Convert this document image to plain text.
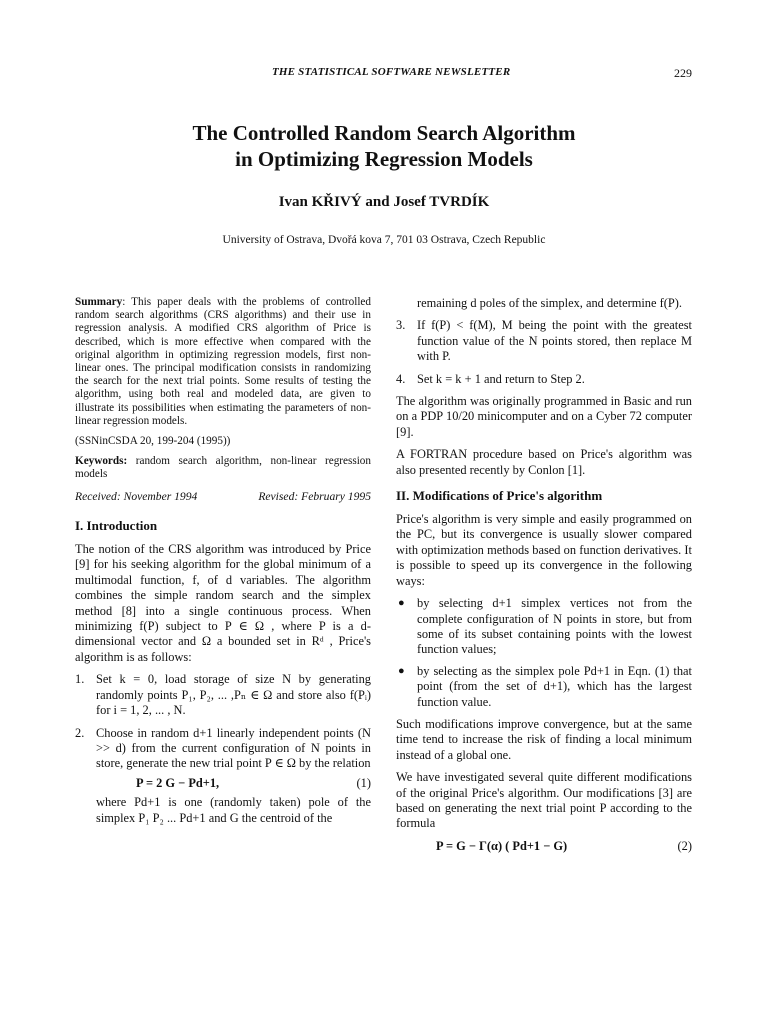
THE STATISTICAL SOFTWARE NEWSLETTER	229
The Controlled Random Search Algorithm
in Optimizing Regression Models
Ivan KŘIVÝ and Josef TVRDÍK
University of Ostrava, Dvořá kova 7, 701 03 Ostrava, Czech Republic

Summary: This paper deals with the problems of controlled random search algorithms (CRS algorithms) and their use in regression analysis. A modified CRS algorithm of Price is described, which is more effective when compared with the original algorithm in optimizing regression models, first non-linear ones. The principal modification consists in randomizing the search for the next trial points. Some results of testing the algorithm, using both real and modeled data, are given to illustrate its possibilities when estimating the parameters of non-linear regression models.

(SSNinCSDA 20, 199-204 (1995))

Keywords: random search algorithm, non-linear regression models

Received: November 1994	Revised: February 1995
I. Introduction

The notion of the CRS algorithm was introduced by Price [9] for his seeking algorithm for the global minimum of a multimodal function, f, of d variables. The algorithm combines the simple random search and the simplex method [8] into a single continuous process. When minimizing f(P) subject to P ∈ Ω , where P is a d-dimensional vector and Ω a bounded set in Rᵈ , Price's algorithm is as follows:

1. Set k = 0, load storage of size N by generating randomly points P₁, P₂, ... ,Pₙ ∈ Ω and store also f(Pᵢ) for i = 1, 2, ... , N.
2. Choose in random d+1 linearly independent points (N >> d) from the current configuration of N points in store, generate the new trial point P ∈ Ω by the relation
P = 2 G − Pd+1,	(1)
where Pd+1 is one (randomly taken) pole of the simplex P₁ P₂ ... Pd+1 and G the centroid of the

remaining d poles of the simplex, and determine f(P).

3. If f(P) < f(M), M being the point with the greatest function value of the N points stored, then replace M with P.
4. Set k = k + 1 and return to Step 2.

The algorithm was originally programmed in Basic and run on a PDP 10/20 minicomputer and on a Cyber 72 computer [9].

A FORTRAN procedure based on Price's algorithm was also presented recently by Conlon [1].

II. Modifications of Price's algorithm

Price's algorithm is very simple and easily programmed on the PC, but its convergence is usually slower compared with optimization methods based on function derivatives. It is possible to speed up its convergence in the following ways:

● by selecting d+1 simplex vertices not from the complete configuration of N points in store, but from some of its subset containing points with the lowest function values;
● by selecting as the simplex pole Pd+1 in Eqn. (1) that point (from the set of d+1), which has the largest function value.

Such modifications improve convergence, but at the same time tend to increase the risk of finding a local minimum instead of a global one.

We have investigated several quite different modifications of the original Price's algorithm. Our modifications [3] are based on generating the next trial point P according to the formula

P = G − Γ(α) ( Pd+1 − G)	(2)
